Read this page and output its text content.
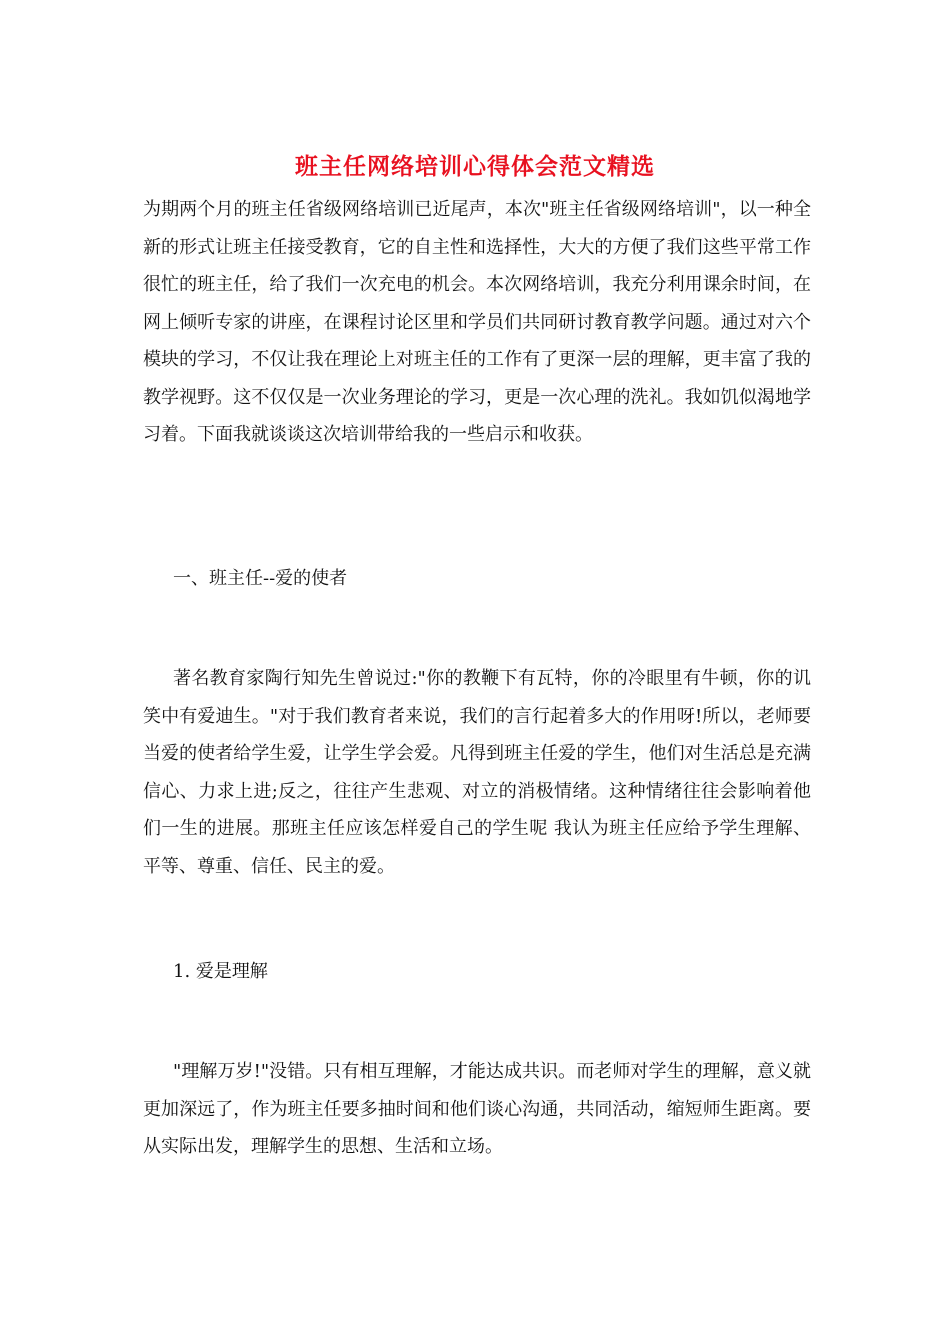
班主任网络培训心得体会范文精选

为期两个月的班主任省级网络培训已近尾声，本次"班主任省级网络培训"，以一种全新的形式让班主任接受教育，它的自主性和选择性，大大的方便了我们这些平常工作很忙的班主任，给了我们一次充电的机会。本次网络培训，我充分利用课余时间，在网上倾听专家的讲座，在课程讨论区里和学员们共同研讨教育教学问题。通过对六个模块的学习，不仅让我在理论上对班主任的工作有了更深一层的理解，更丰富了我的教学视野。这不仅仅是一次业务理论的学习，更是一次心理的洗礼。我如饥似渴地学习着。下面我就谈谈这次培训带给我的一些启示和收获。

一、班主任--爱的使者

著名教育家陶行知先生曾说过:"你的教鞭下有瓦特，你的冷眼里有牛顿，你的讥笑中有爱迪生。"对于我们教育者来说，我们的言行起着多大的作用呀!所以，老师要当爱的使者给学生爱，让学生学会爱。凡得到班主任爱的学生，他们对生活总是充满信心、力求上进;反之，往往产生悲观、对立的消极情绪。这种情绪往往会影响着他们一生的进展。那班主任应该怎样爱自己的学生呢 我认为班主任应给予学生理解、平等、尊重、信任、民主的爱。

1. 爱是理解

"理解万岁!"没错。只有相互理解，才能达成共识。而老师对学生的理解，意义就更加深远了，作为班主任要多抽时间和他们谈心沟通，共同活动，缩短师生距离。要从实际出发，理解学生的思想、生活和立场。
